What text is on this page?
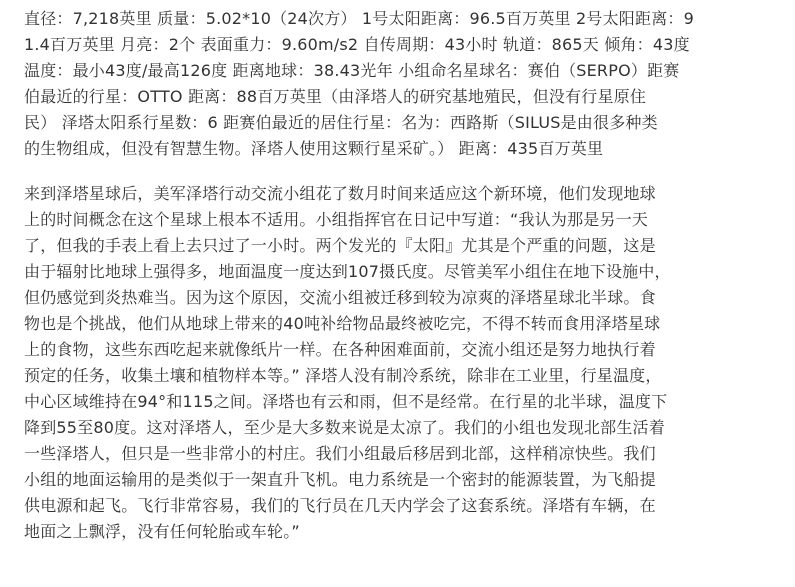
直径：7,218英里 质量：5.02*10（24次方） 1号太阳距离：96.5百万英里 2号太阳距离：9
1.4百万英里 月亮：2个 表面重力：9.60m/s2 自传周期：43小时 轨道：865天 倾角：43度
温度：最小43度/最高126度 距离地球：38.43光年 小组命名星球名：赛伯（SERPO）距赛
伯最近的行星：OTTO 距离：88百万英里（由泽塔人的研究基地殖民，但没有行星原住
民） 泽塔太阳系行星数：6 距赛伯最近的居住行星：名为：西路斯（SILUS是由很多种类
的生物组成，但没有智慧生物。泽塔人使用这颗行星采矿。） 距离：435百万英里
来到泽塔星球后，美军泽塔行动交流小组花了数月时间来适应这个新环境，他们发现地球
上的时间概念在这个星球上根本不适用。小组指挥官在日记中写道：“我认为那是另一天
了，但我的手表上看上去只过了一小时。两个发光的『太阳』尤其是个严重的问题，这是
由于辐射比地球上强得多，地面温度一度达到107摄氏度。尽管美军小组住在地下设施中，
但仍感觉到炎热难当。因为这个原因，交流小组被迁移到较为凉爽的泽塔星球北半球。食
物也是个挑战，他们从地球上带来的40吨补给物品最终被吃完，不得不转而食用泽塔星球
上的食物，这些东西吃起来就像纸片一样。在各种困难面前，交流小组还是努力地执行着
预定的任务，收集土壤和植物样本等。” 泽塔人没有制冷系统，除非在工业里，行星温度，
中心区域维持在94°和115之间。泽塔也有云和雨，但不是经常。在行星的北半球，温度下
降到55至80度。这对泽塔人，至少是大多数来说是太凉了。我们的小组也发现北部生活着
一些泽塔人，但只是一些非常小的村庄。我们小组最后移居到北部，这样稍凉快些。我们
小组的地面运输用的是类似于一架直升飞机。电力系统是一个密封的能源装置，为飞船提
供电源和起飞。飞行非常容易，我们的飞行员在几天内学会了这套系统。泽塔有车辆，在
地面之上飘浮，没有任何轮胎或车轮。”
